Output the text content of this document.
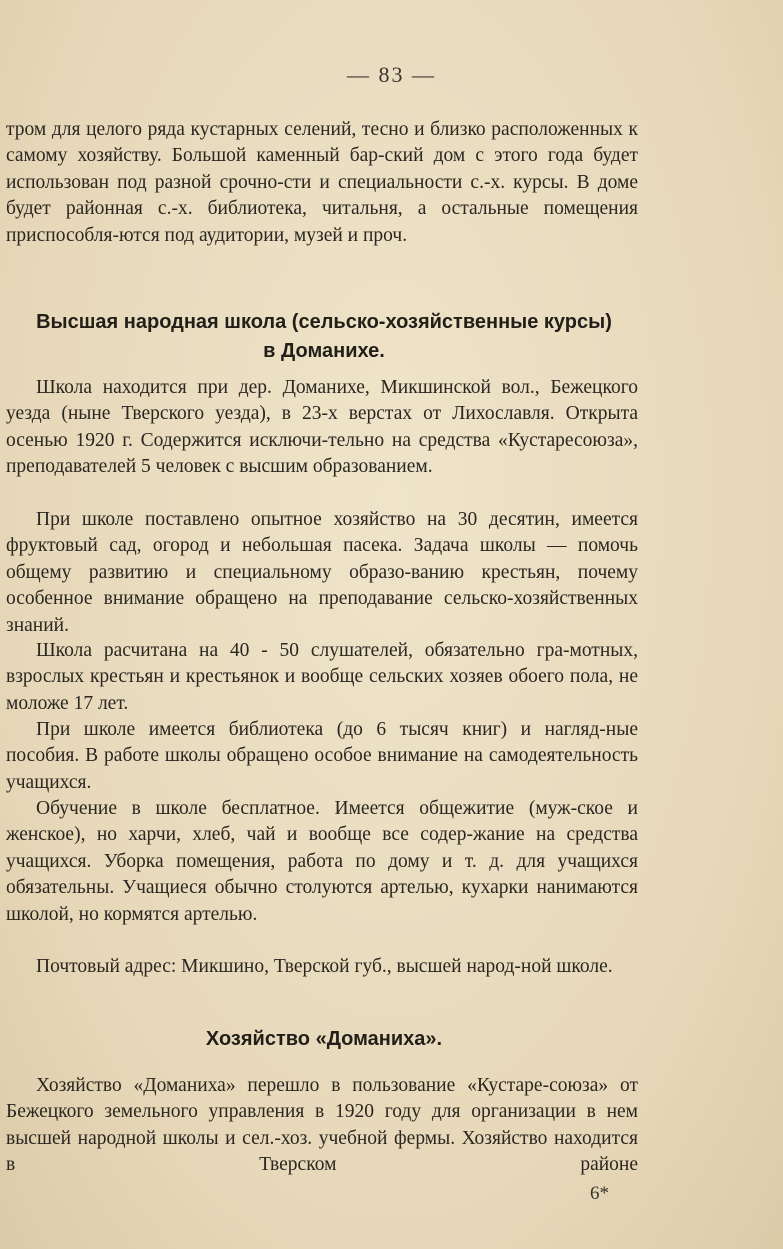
— 83 —

тром для целого ряда кустарных селений, тесно и близко расположенных к самому хозяйству. Большой каменный бар-ский дом с этого года будет использован под разной срочно-сти и специальности с.-х. курсы. В доме будет районная с.-х. библиотека, читальня, а остальные помещения приспособля-ются под аудитории, музей и проч.

Высшая народная школа (сельско-хозяйственные курсы)
в Доманихе.

Школа находится при дер. Доманихе, Микшинской вол., Бежецкого уезда (ныне Тверского уезда), в 23-х верстах от Лихославля. Открыта осенью 1920 г. Содержится исключи-тельно на средства «Кустаресоюза», преподавателей 5 человек с высшим образованием.

При школе поставлено опытное хозяйство на 30 десятин, имеется фруктовый сад, огород и небольшая пасека. Задача школы — помочь общему развитию и специальному образо-ванию крестьян, почему особенное внимание обращено на преподавание сельско-хозяйственных знаний.

Школа расчитана на 40 - 50 слушателей, обязательно гра-мотных, взрослых крестьян и крестьянок и вообще сельских хозяев обоего пола, не моложе 17 лет.

При школе имеется библиотека (до 6 тысяч книг) и нагляд-ные пособия. В работе школы обращено особое внимание на самодеятельность учащихся.

Обучение в школе бесплатное. Имеется общежитие (муж-ское и женское), но харчи, хлеб, чай и вообще все содер-жание на средства учащихся. Уборка помещения, работа по дому и т. д. для учащихся обязательны. Учащиеся обычно столуются артелью, кухарки нанимаются школой, но кормятся артелью.

Почтовый адрес: Микшино, Тверской губ., высшей народ-ной школе.

Хозяйство «Доманиха».

Хозяйство «Доманиха» перешло в пользование «Кустаре-союза» от Бежецкого земельного управления в 1920 году для организации в нем высшей народной школы и сел.-хоз. учебной фермы. Хозяйство находится в Тверском районе

6*
